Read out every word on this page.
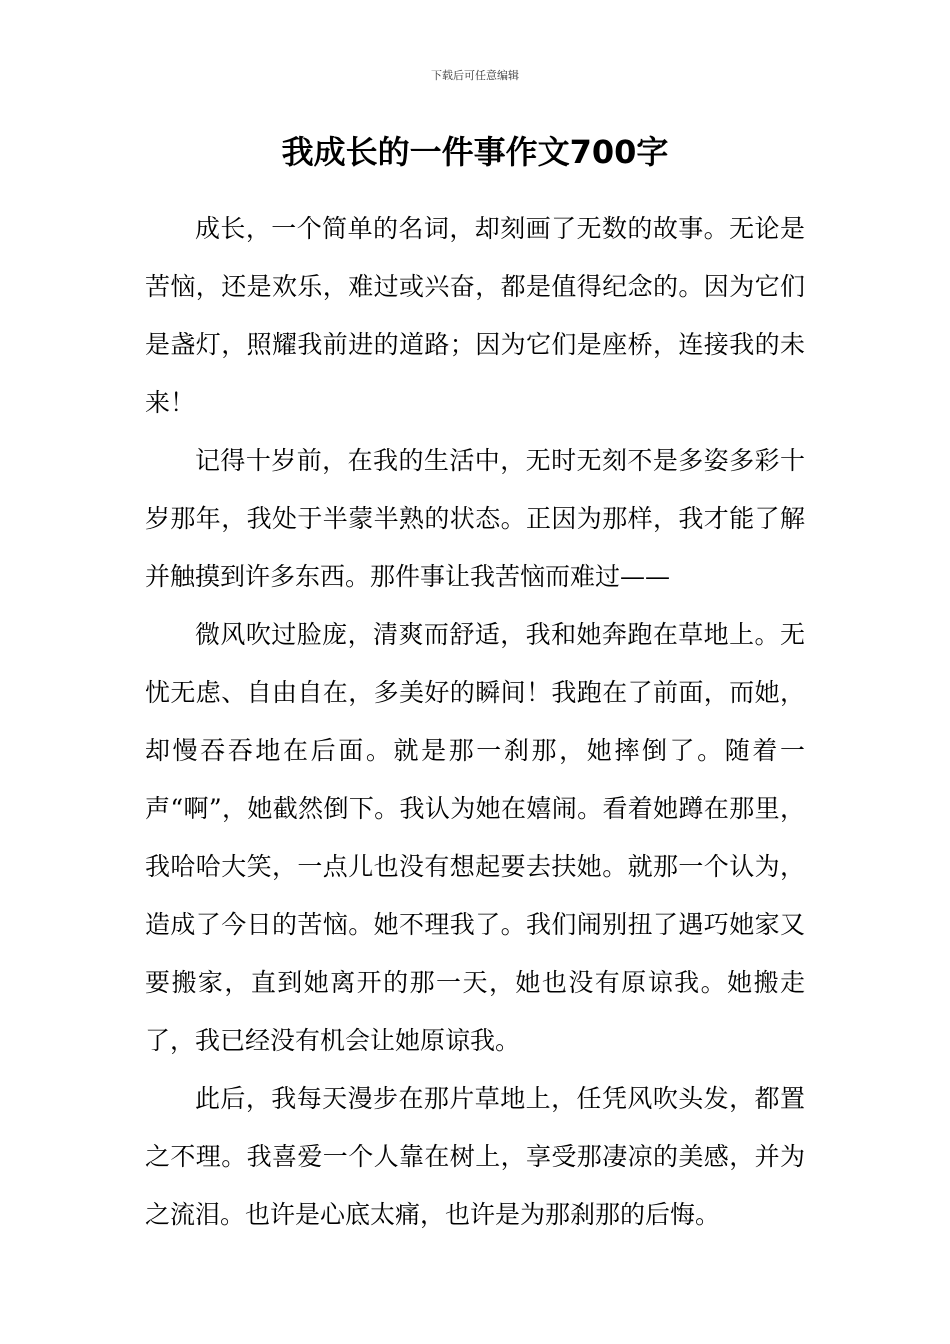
下载后可任意编辑
我成长的一件事作文700字

成长，一个简单的名词，却刻画了无数的故事。无论是苦恼，还是欢乐，难过或兴奋，都是值得纪念的。因为它们是盏灯，照耀我前进的道路；因为它们是座桥，连接我的未来！

记得十岁前，在我的生活中，无时无刻不是多姿多彩十岁那年，我处于半蒙半熟的状态。正因为那样，我才能了解并触摸到许多东西。那件事让我苦恼而难过——

微风吹过脸庞，清爽而舒适，我和她奔跑在草地上。无忧无虑、自由自在，多美好的瞬间！我跑在了前面，而她，却慢吞吞地在后面。就是那一刹那，她摔倒了。随着一声“啊”，她截然倒下。我认为她在嬉闹。看着她蹲在那里，我哈哈大笑，一点儿也没有想起要去扶她。就那一个认为，造成了今日的苦恼。她不理我了。我们闹别扭了遇巧她家又要搬家，直到她离开的那一天，她也没有原谅我。她搬走了，我已经没有机会让她原谅我。

此后，我每天漫步在那片草地上，任凭风吹头发，都置之不理。我喜爱一个人靠在树上，享受那凄凉的美感，并为之流泪。也许是心底太痛，也许是为那刹那的后悔。
